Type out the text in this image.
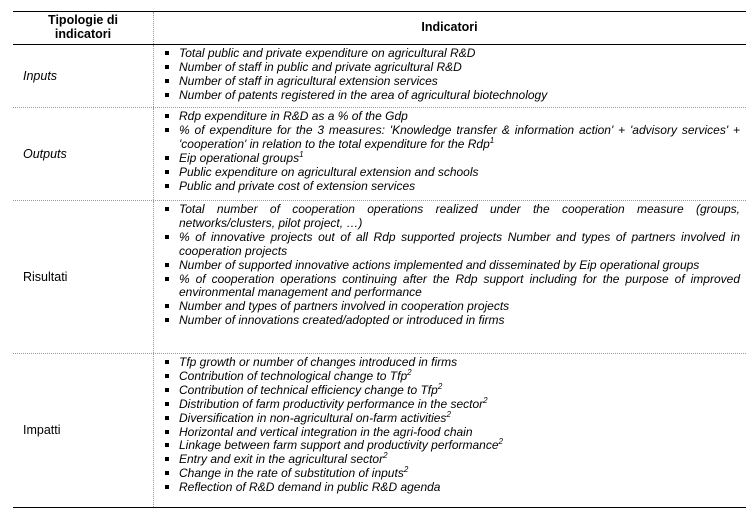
Tipologie di
indicatori	Indicatori
Inputs
Total public and private expenditure on agricultural R&D
Number of staff in public and private agricultural R&D
Number of staff in agricultural extension services
Number of patents registered in the area of agricultural biotechnology
Outputs
Rdp expenditure in R&D as a % of the Gdp
% of expenditure for the 3 measures: 'Knowledge transfer & information action' + 'advisory services' + 'cooperation' in relation to the total expenditure for the Rdp$^1$
Eip operational groups$^1$
Public expenditure on agricultural extension and schools
Public and private cost of extension services
Risultati
Total number of cooperation operations realized under the cooperation measure (groups, networks/clusters, pilot project, …)
% of innovative projects out of all Rdp supported projects Number and types of partners involved in cooperation projects
Number of supported innovative actions implemented and disseminated by Eip operational groups
% of cooperation operations continuing after the Rdp support including for the purpose of improved environmental management and performance
Number and types of partners involved in cooperation projects
Number of innovations created/adopted or introduced in firms
Impatti
Tfp growth or number of changes introduced in firms
Contribution of technological change to Tfp$^2$
Contribution of technical efficiency change to Tfp$^2$
Distribution of farm productivity performance in the sector$^2$
Diversification in non-agricultural on-farm activities$^2$
Horizontal and vertical integration in the agri-food chain
Linkage between farm support and productivity performance$^2$
Entry and exit in the agricultural sector$^2$
Change in the rate of substitution of inputs$^2$
Reflection of R&D demand in public R&D agenda
